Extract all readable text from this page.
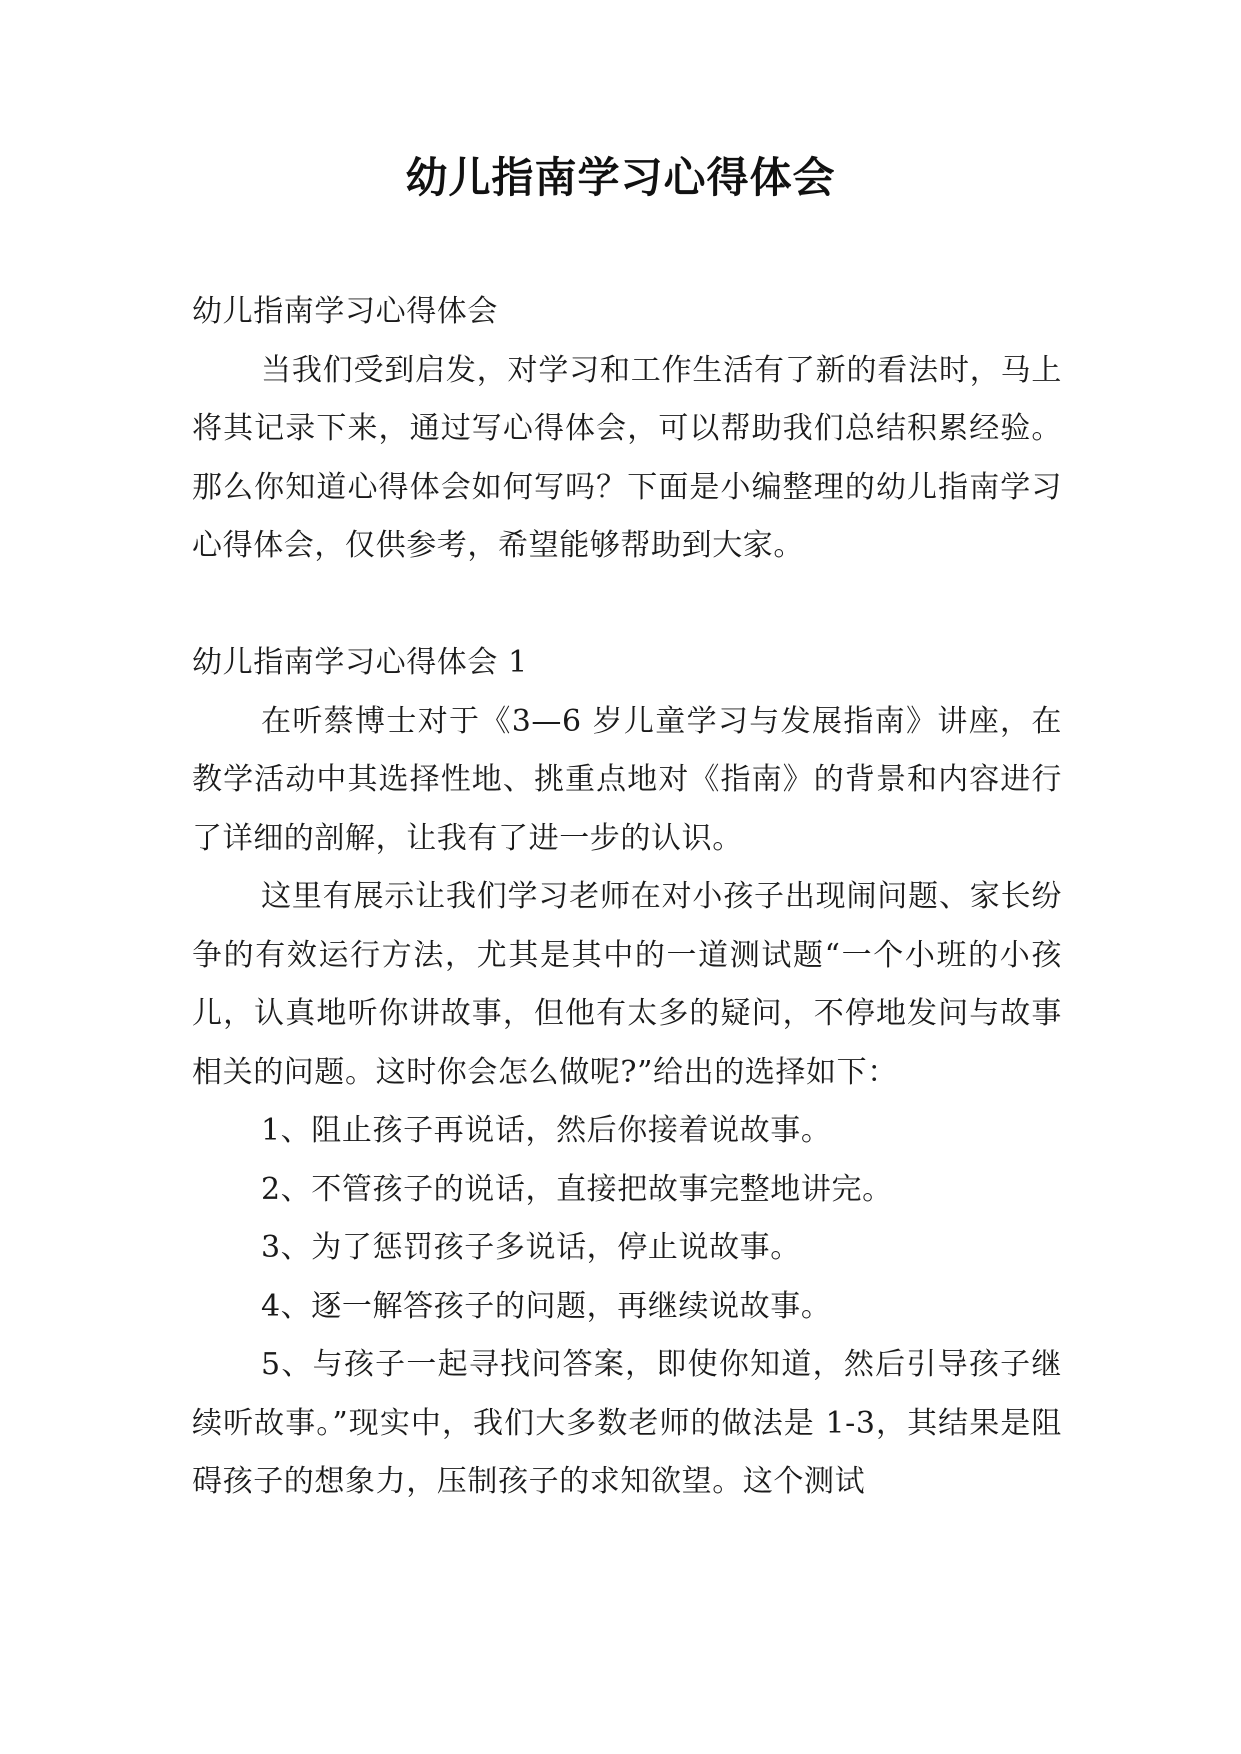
幼儿指南学习心得体会

幼儿指南学习心得体会

当我们受到启发，对学习和工作生活有了新的看法时，马上将其记录下来，通过写心得体会，可以帮助我们总结积累经验。那么你知道心得体会如何写吗？下面是小编整理的幼儿指南学习心得体会，仅供参考，希望能够帮助到大家。

幼儿指南学习心得体会 1

在听蔡博士对于《3—6 岁儿童学习与发展指南》讲座，在教学活动中其选择性地、挑重点地对《指南》的背景和内容进行了详细的剖解，让我有了进一步的认识。

这里有展示让我们学习老师在对小孩子出现闹问题、家长纷争的有效运行方法，尤其是其中的一道测试题“一个小班的小孩儿，认真地听你讲故事，但他有太多的疑问，不停地发问与故事相关的问题。这时你会怎么做呢?”给出的选择如下：

1、阻止孩子再说话，然后你接着说故事。

2、不管孩子的说话，直接把故事完整地讲完。

3、为了惩罚孩子多说话，停止说故事。

4、逐一解答孩子的问题，再继续说故事。

5、与孩子一起寻找问答案，即使你知道，然后引导孩子继续听故事。”现实中，我们大多数老师的做法是 1-3，其结果是阻碍孩子的想象力，压制孩子的求知欲望。这个测试
